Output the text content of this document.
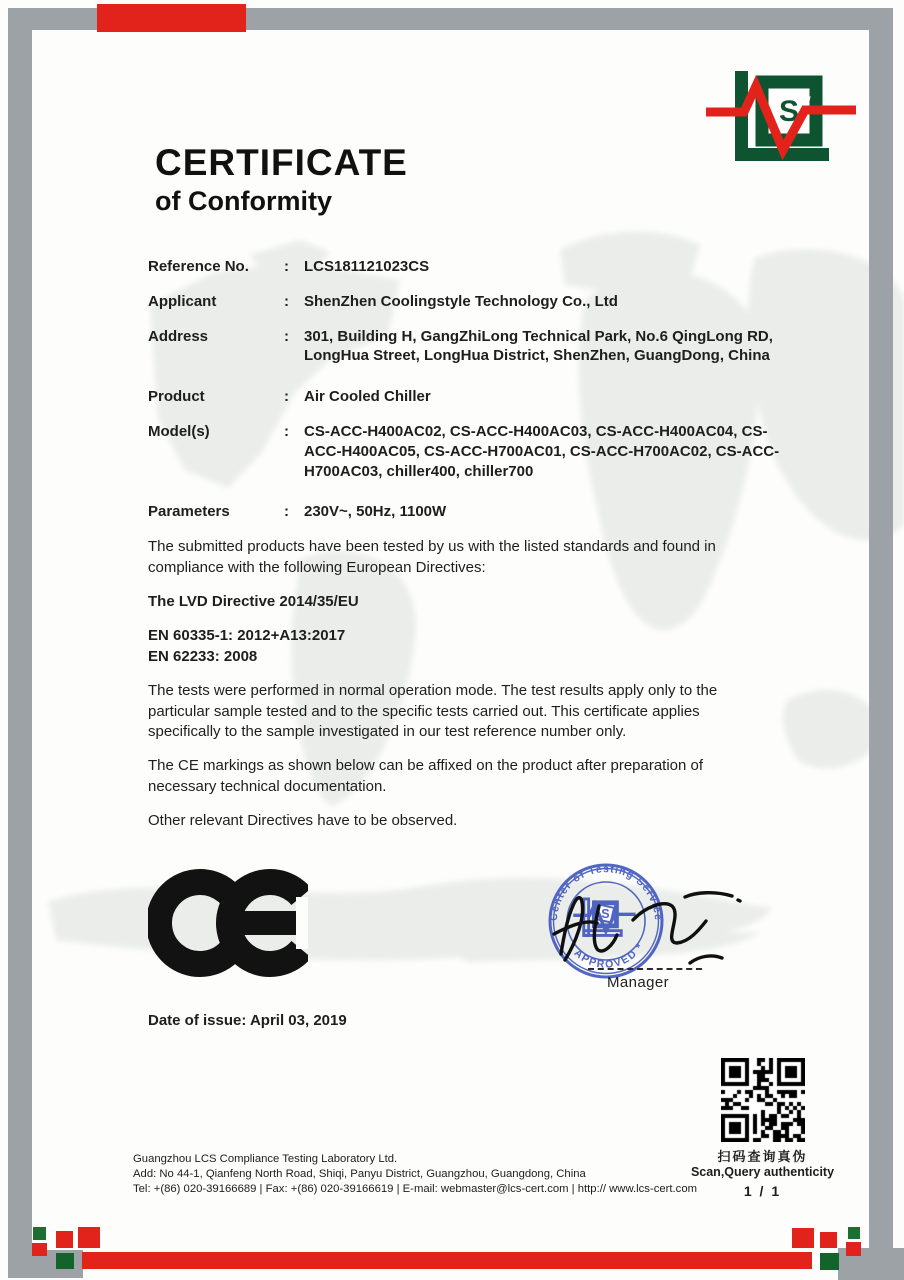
S
CERTIFICATE
of Conformity
Reference No.	:	LCS181121023CS
Applicant	:	ShenZhen Coolingstyle Technology Co., Ltd
Address	:	301, Building H, GangZhiLong Technical Park, No.6 QingLong RD, LongHua Street, LongHua District, ShenZhen, GuangDong, China
Product	:	Air Cooled Chiller
Model(s)	:	CS-ACC-H400AC02, CS-ACC-H400AC03, CS-ACC-H400AC04, CS-ACC-H400AC05, CS-ACC-H700AC01, CS-ACC-H700AC02, CS-ACC-H700AC03, chiller400, chiller700
Parameters	:	230V~, 50Hz, 1100W

The submitted products have been tested by us with the listed standards and found in compliance with the following European Directives:

The LVD Directive 2014/35/EU

EN 60335-1: 2012+A13:2017
EN 62233: 2008

The tests were performed in normal operation mode. The test results apply only to the particular sample tested and to the specific tests carried out. This certificate applies specifically to the sample investigated in our test reference number only.

The CE markings as shown below can be affixed on the product after preparation of necessary technical documentation.

Other relevant Directives have to be observed.

Date of issue: April 03, 2019
Center of Testing Service
* APPROVED *
S
Manager
Guangzhou LCS Compliance Testing Laboratory Ltd.
Add: No 44-1, Qianfeng North Road, Shiqi, Panyu District, Guangzhou, Guangdong, China
Tel: +(86) 020-39166689 | Fax: +(86) 020-39166619 | E-mail: webmaster@lcs-cert.com | http:// www.lcs-cert.com
扫码查询真伪
Scan,Query authenticity
1 / 1
